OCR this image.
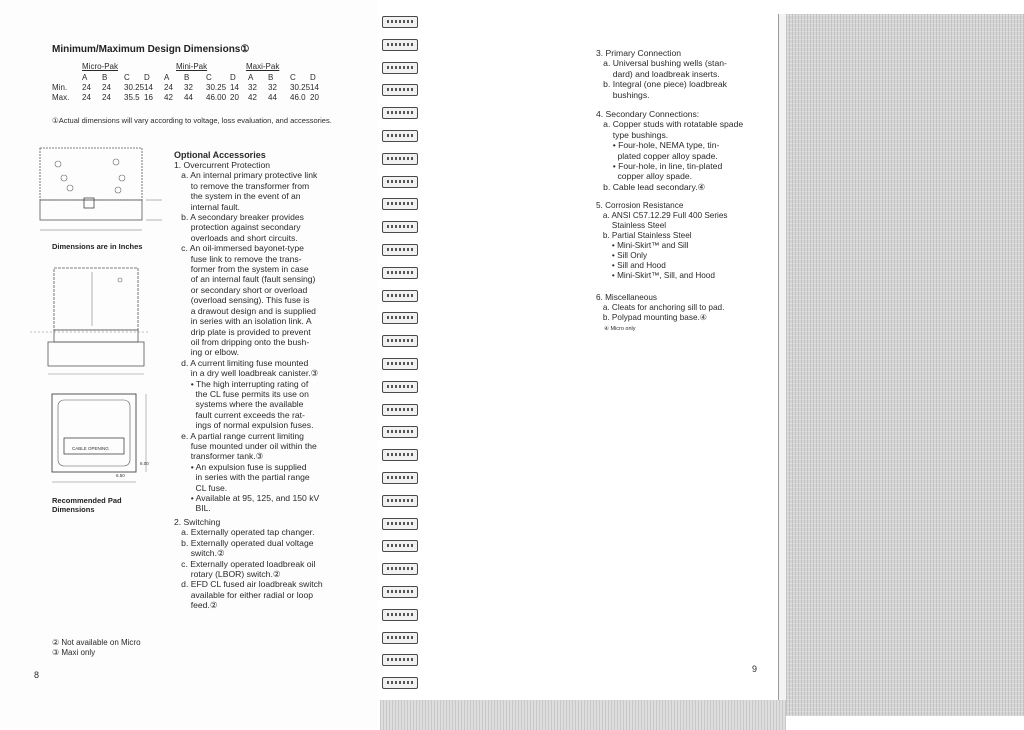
Minimum/Maximum Design Dimensions①
Micro-Pak	Mini-Pak	Maxi-Pak
A B C D A B C D A B C D
Min. 24 24 30.25 14 24 32 30.25 14 32 32 30.25 14
Max. 24 24 35.5 16 42 44 46.00 20 42 44 46.0 20
①Actual dimensions will vary according to voltage, loss evaluation, and accessories.
Dimensions are in Inches
CABLE OPENING
6.00
6.50
Recommended Pad
Dimensions
② Not available on Micro
③ Maxi only
8
Optional Accessories
1. Overcurrent Protection
a. An internal primary protective link
to remove the transformer from
the system in the event of an
internal fault.
b. A secondary breaker provides
protection against secondary
overloads and short circuits.
c. An oil-immersed bayonet-type
fuse link to remove the trans-
former from the system in case
of an internal fault (fault sensing)
or secondary short or overload
(overload sensing). This fuse is
a drawout design and is supplied
in series with an isolation link. A
drip plate is provided to prevent
oil from dripping onto the bush-
ing or elbow.
d. A current limiting fuse mounted
in a dry well loadbreak canister.③
• The high interrupting rating of
the CL fuse permits its use on
systems where the available
fault current exceeds the rat-
ings of normal expulsion fuses.
e. A partial range current limiting
fuse mounted under oil within the
transformer tank.③
• An expulsion fuse is supplied
in series with the partial range
CL fuse.
• Available at 95, 125, and 150 kV
BIL.
2. Switching
a. Externally operated tap changer.
b. Externally operated dual voltage
switch.②
c. Externally operated loadbreak oil
rotary (LBOR) switch.②
d. EFD CL fused air loadbreak switch
available for either radial or loop
feed.②
3. Primary Connection
a. Universal bushing wells (stan-
dard) and loadbreak inserts.
b. Integral (one piece) loadbreak
bushings.
4. Secondary Connections:
a. Copper studs with rotatable spade
type bushings.
• Four-hole, NEMA type, tin-
plated copper alloy spade.
• Four-hole, in line, tin-plated
copper alloy spade.
b. Cable lead secondary.④
5. Corrosion Resistance
a. ANSI C57.12.29 Full 400 Series
Stainless Steel
b. Partial Stainless Steel
• Mini-Skirt™ and Sill
• Sill Only
• Sill and Hood
• Mini-Skirt™, Sill, and Hood
6. Miscellaneous
a. Cleats for anchoring sill to pad.
b. Polypad mounting base.④
④ Micro only
9
